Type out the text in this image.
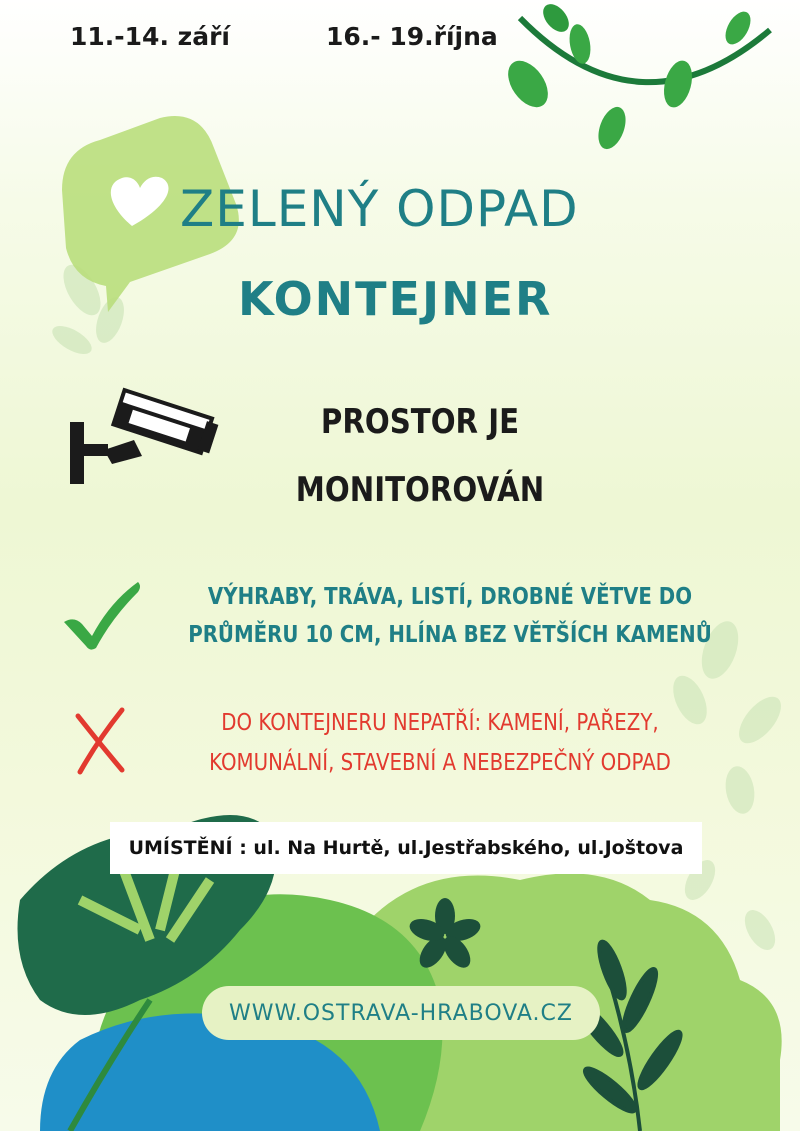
11.-14. září	16.- 19.října
ZELENÝ ODPAD
KONTEJNER
PROSTOR JE
MONITOROVÁN
VÝHRABY, TRÁVA, LISTÍ, DROBNÉ VĚTVE DO
PRŮMĚRU 10 CM, HLÍNA BEZ VĚTŠÍCH KAMENŮ
DO KONTEJNERU NEPATŘÍ: KAMENÍ, PAŘEZY,
KOMUNÁLNÍ, STAVEBNÍ A NEBEZPEČNÝ ODPAD
UMÍSTĚNÍ : ul. Na Hurtě, ul.Jestřabského, ul.Joštova
WWW.OSTRAVA-HRABOVA.CZ
